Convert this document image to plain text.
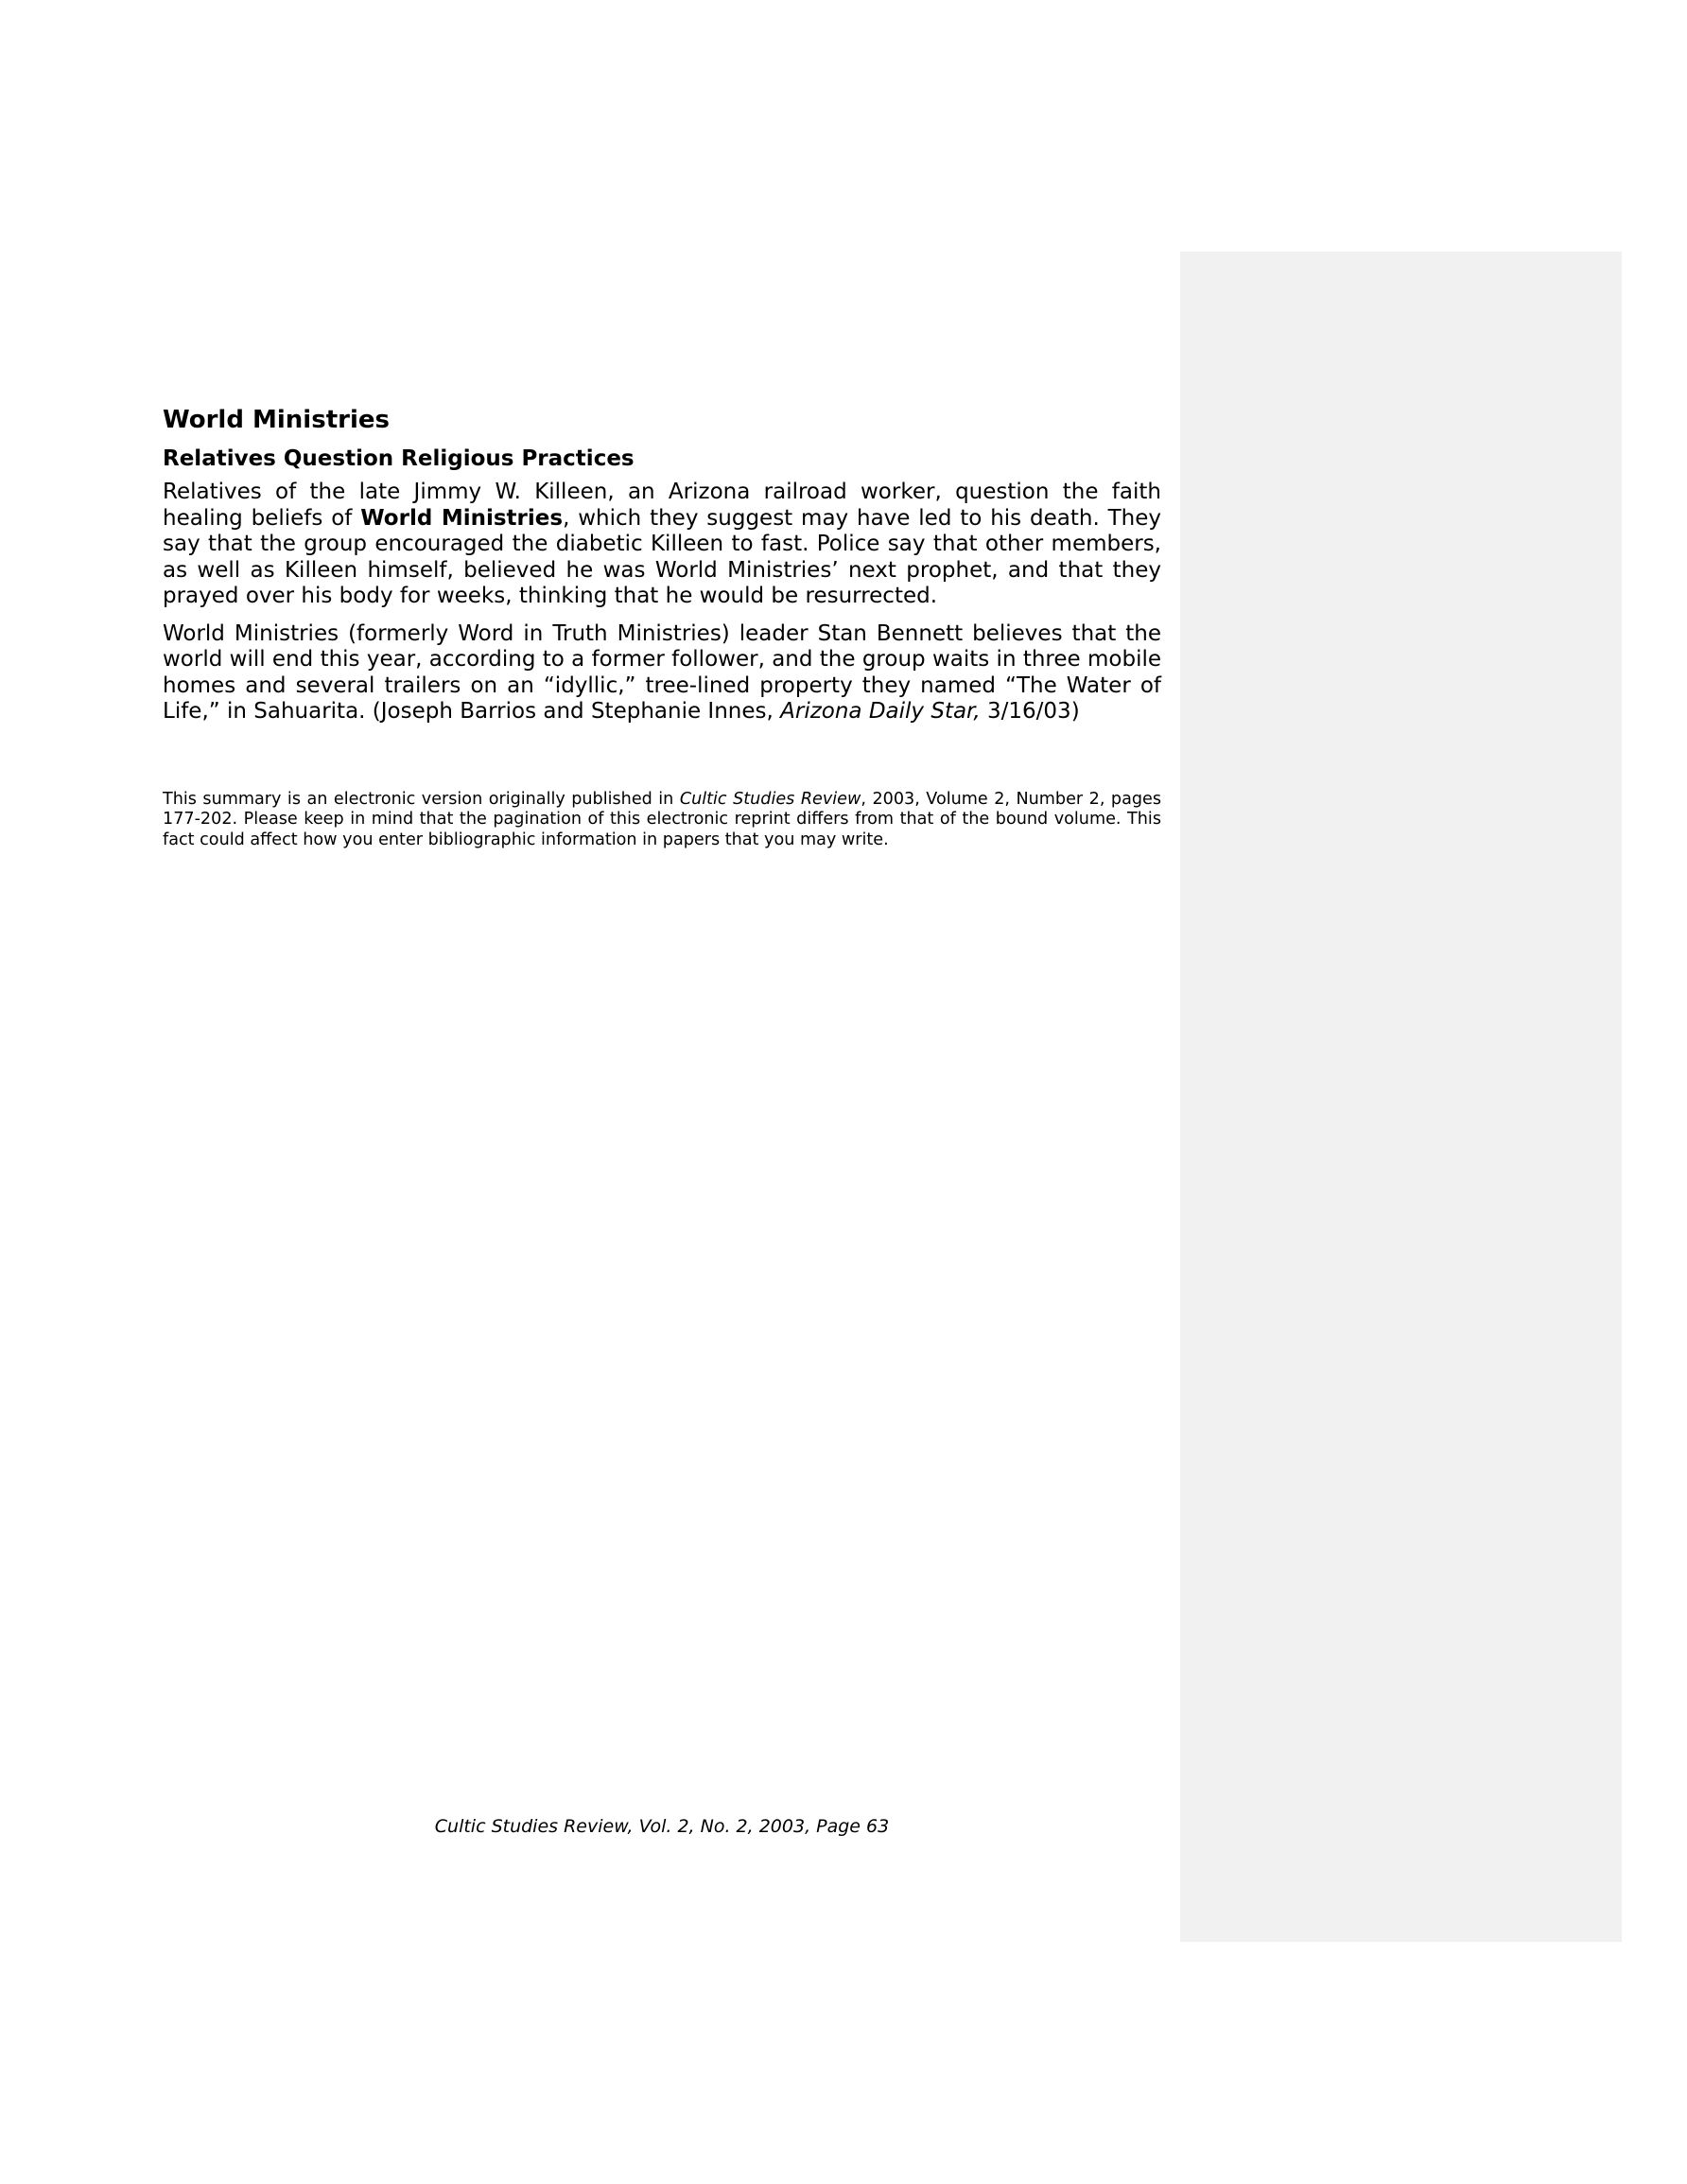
World Ministries
Relatives Question Religious Practices

Relatives of the late Jimmy W. Killeen, an Arizona railroad worker, question the faith healing beliefs of World Ministries, which they suggest may have led to his death. They say that the group encouraged the diabetic Killeen to fast. Police say that other members, as well as Killeen himself, believed he was World Ministries’ next prophet, and that they prayed over his body for weeks, thinking that he would be resurrected.

World Ministries (formerly Word in Truth Ministries) leader Stan Bennett believes that the world will end this year, according to a former follower, and the group waits in three mobile homes and several trailers on an “idyllic,” tree-lined property they named “The Water of Life,” in Sahuarita. (Joseph Barrios and Stephanie Innes, Arizona Daily Star, 3/16/03)

This summary is an electronic version originally published in Cultic Studies Review, 2003, Volume 2, Number 2, pages 177-202. Please keep in mind that the pagination of this electronic reprint differs from that of the bound volume. This fact could affect how you enter bibliographic information in papers that you may write.
Cultic Studies Review, Vol. 2, No. 2, 2003, Page 63
